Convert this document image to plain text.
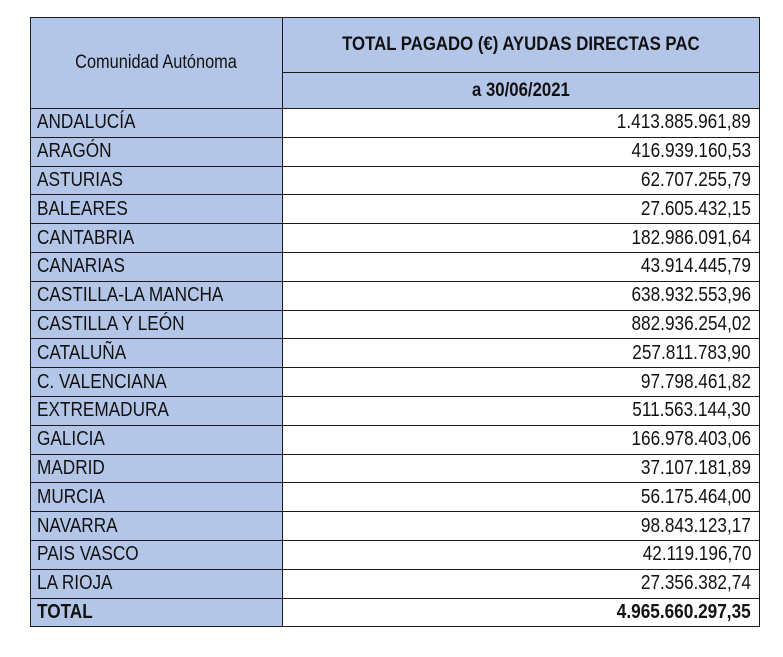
Comunidad Autónoma	TOTAL PAGADO (€) AYUDAS DIRECTAS PAC
	a 30/06/2021
ANDALUCÍA	1.413.885.961,89
ARAGÓN	416.939.160,53
ASTURIAS	62.707.255,79
BALEARES	27.605.432,15
CANTABRIA	182.986.091,64
CANARIAS	43.914.445,79
CASTILLA-LA MANCHA	638.932.553,96
CASTILLA Y LEÓN	882.936.254,02
CATALUÑA	257.811.783,90
C. VALENCIANA	97.798.461,82
EXTREMADURA	511.563.144,30
GALICIA	166.978.403,06
MADRID	37.107.181,89
MURCIA	56.175.464,00
NAVARRA	98.843.123,17
PAIS VASCO	42.119.196,70
LA RIOJA	27.356.382,74
TOTAL	4.965.660.297,35
